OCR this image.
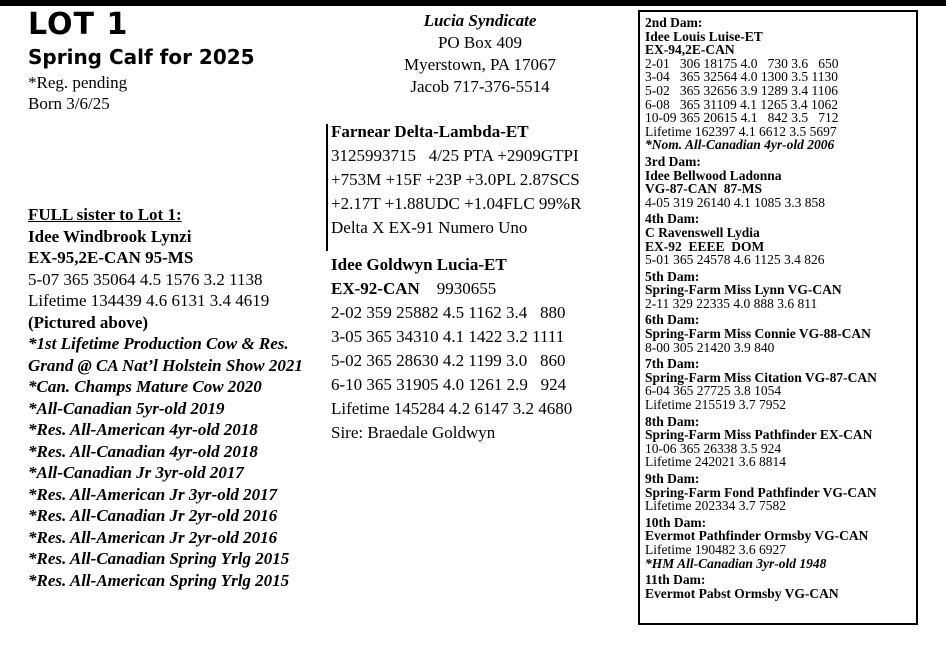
LOT 1
Spring Calf for 2025
*Reg. pending
Born 3/6/25
Lucia Syndicate
PO Box 409
Myerstown, PA 17067
Jacob 717-376-5514
Farnear Delta-Lambda-ET
3125993715   4/25 PTA +2909GTPI
+753M +15F +23P +3.0PL 2.87SCS
+2.17T +1.88UDC +1.04FLC 99%R
Delta X EX-91 Numero Uno
Idee Goldwyn Lucia-ET
EX-92-CAN 9930655
2-02 359 25882 4.5 1162 3.4   880
3-05 365 34310 4.1 1422 3.2 1111
5-02 365 28630 4.2 1199 3.0   860
6-10 365 31905 4.0 1261 2.9   924
Lifetime 145284 4.2 6147 3.2 4680
Sire: Braedale Goldwyn
FULL sister to Lot 1:
Idee Windbrook Lynzi
EX-95,2E-CAN 95-MS
5-07 365 35064 4.5 1576 3.2 1138
Lifetime 134439 4.6 6131 3.4 4619
(Pictured above)
*1st Lifetime Production Cow & Res.
Grand @ CA Nat’l Holstein Show 2021
*Can. Champs Mature Cow 2020
*All-Canadian 5yr-old 2019
*Res. All-American 4yr-old 2018
*Res. All-Canadian 4yr-old 2018
*All-Canadian Jr 3yr-old 2017
*Res. All-American Jr 3yr-old 2017
*Res. All-Canadian Jr 2yr-old 2016
*Res. All-American Jr 2yr-old 2016
*Res. All-Canadian Spring Yrlg 2015
*Res. All-American Spring Yrlg 2015
2nd Dam:
Idee Louis Luise-ET
EX-94,2E-CAN
2-01   306 18175 4.0   730 3.6   650
3-04   365 32564 4.0 1300 3.5 1130
5-02   365 32656 3.9 1289 3.4 1106
6-08   365 31109 4.1 1265 3.4 1062
10-09 365 20615 4.1   842 3.5   712
Lifetime 162397 4.1 6612 3.5 5697
*Nom. All-Canadian 4yr-old 2006
3rd Dam:
Idee Bellwood Ladonna
VG-87-CAN  87-MS
4-05 319 26140 4.1 1085 3.3 858
4th Dam:
C Ravenswell Lydia
EX-92  EEEE  DOM
5-01 365 24578 4.6 1125 3.4 826
5th Dam:
Spring-Farm Miss Lynn VG-CAN
2-11 329 22335 4.0 888 3.6 811
6th Dam:
Spring-Farm Miss Connie VG-88-CAN
8-00 305 21420 3.9 840
7th Dam:
Spring-Farm Miss Citation VG-87-CAN
6-04 365 27725 3.8 1054
Lifetime 215519 3.7 7952
8th Dam:
Spring-Farm Miss Pathfinder EX-CAN
10-06 365 26338 3.5 924
Lifetime 242021 3.6 8814
9th Dam:
Spring-Farm Fond Pathfinder VG-CAN
Lifetime 202334 3.7 7582
10th Dam:
Evermot Pathfinder Ormsby VG-CAN
Lifetime 190482 3.6 6927
*HM All-Canadian 3yr-old 1948
11th Dam:
Evermot Pabst Ormsby VG-CAN
